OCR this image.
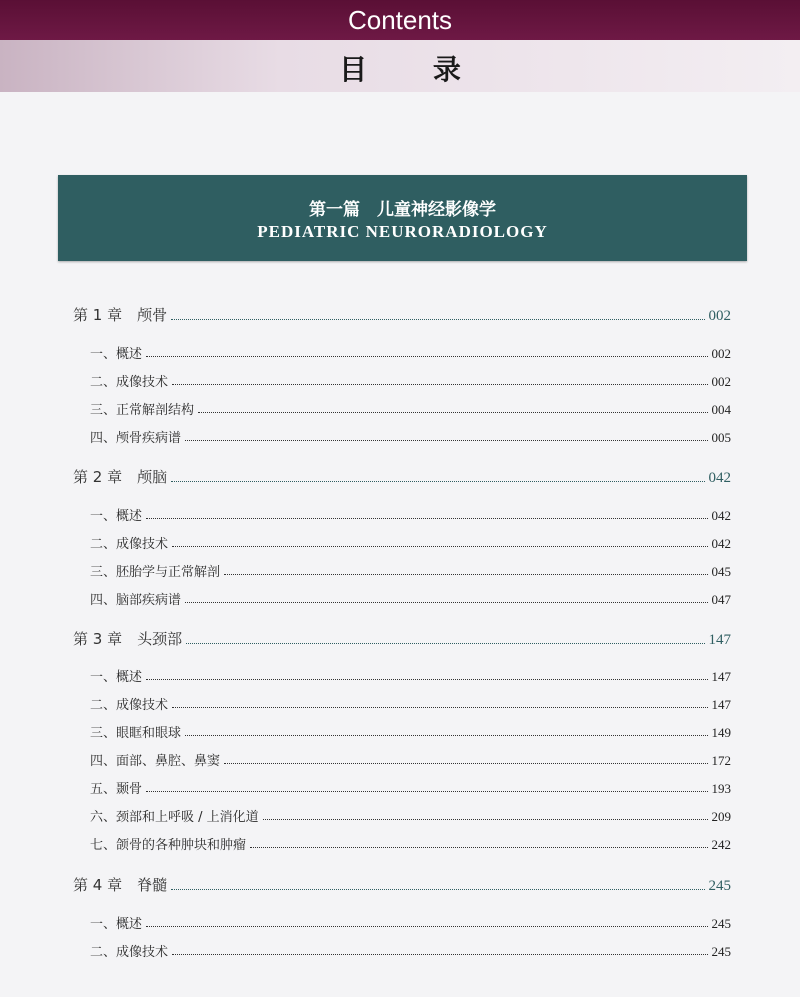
Contents
目 录
第一篇　儿童神经影像学
PEDIATRIC NEURORADIOLOGY
第 1 章　颅骨	002
一、概述	002
二、成像技术	002
三、正常解剖结构	004
四、颅骨疾病谱	005
第 2 章　颅脑	042
一、概述	042
二、成像技术	042
三、胚胎学与正常解剖	045
四、脑部疾病谱	047
第 3 章　头颈部	147
一、概述	147
二、成像技术	147
三、眼眶和眼球	149
四、面部、鼻腔、鼻窦	172
五、颞骨	193
六、颈部和上呼吸 / 上消化道	209
七、颌骨的各种肿块和肿瘤	242
第 4 章　脊髓	245
一、概述	245
二、成像技术	245
